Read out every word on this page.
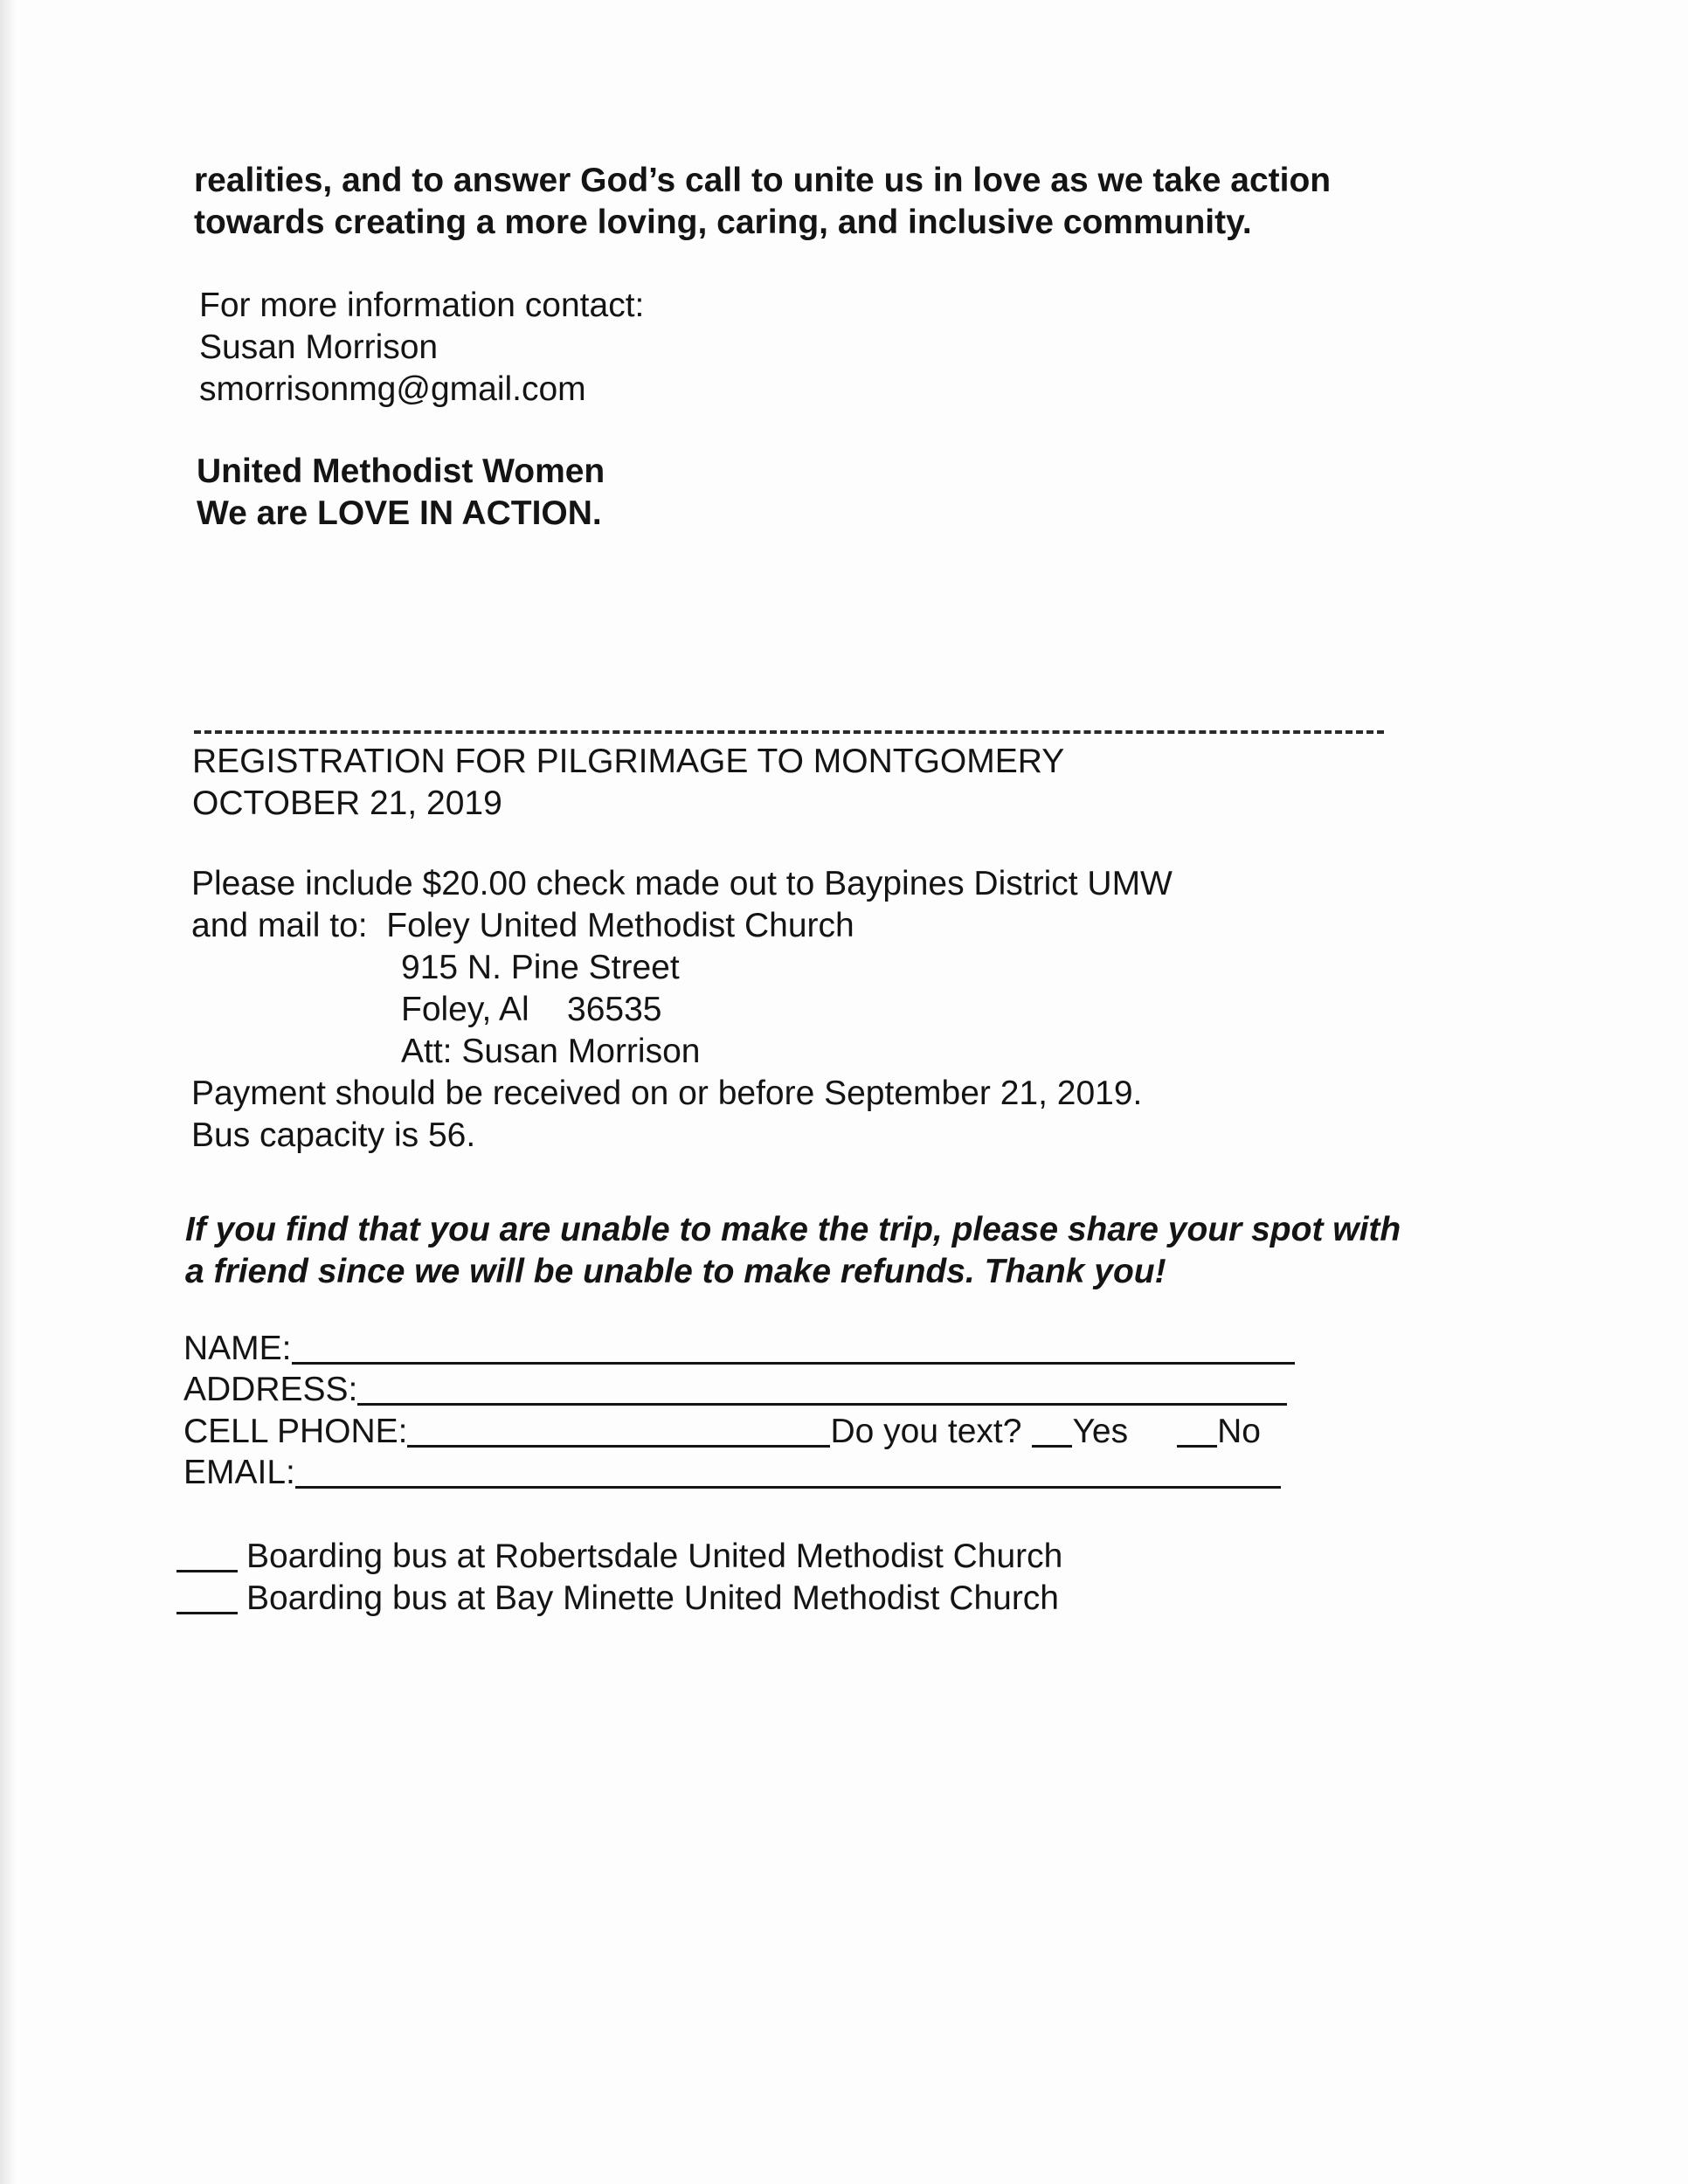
realities, and to answer God’s call to unite us in love as we take action
towards creating a more loving, caring, and inclusive community.
For more information contact:
Susan Morrison
smorrisonmg@gmail.com
United Methodist Women
We are LOVE IN ACTION.
REGISTRATION FOR PILGRIMAGE TO MONTGOMERY
OCTOBER 21, 2019
Please include $20.00 check made out to Baypines District UMW
and mail to: Foley United Methodist Church
915 N. Pine Street
Foley, Al 36535
Att: Susan Morrison
Payment should be received on or before September 21, 2019.
Bus capacity is 56.
If you find that you are unable to make the trip, please share your spot with
a friend since we will be unable to make refunds. Thank you!
NAME:
ADDRESS:
CELL PHONE:	Do you text? Yes	No
EMAIL:
Boarding bus at Robertsdale United Methodist Church
Boarding bus at Bay Minette United Methodist Church
